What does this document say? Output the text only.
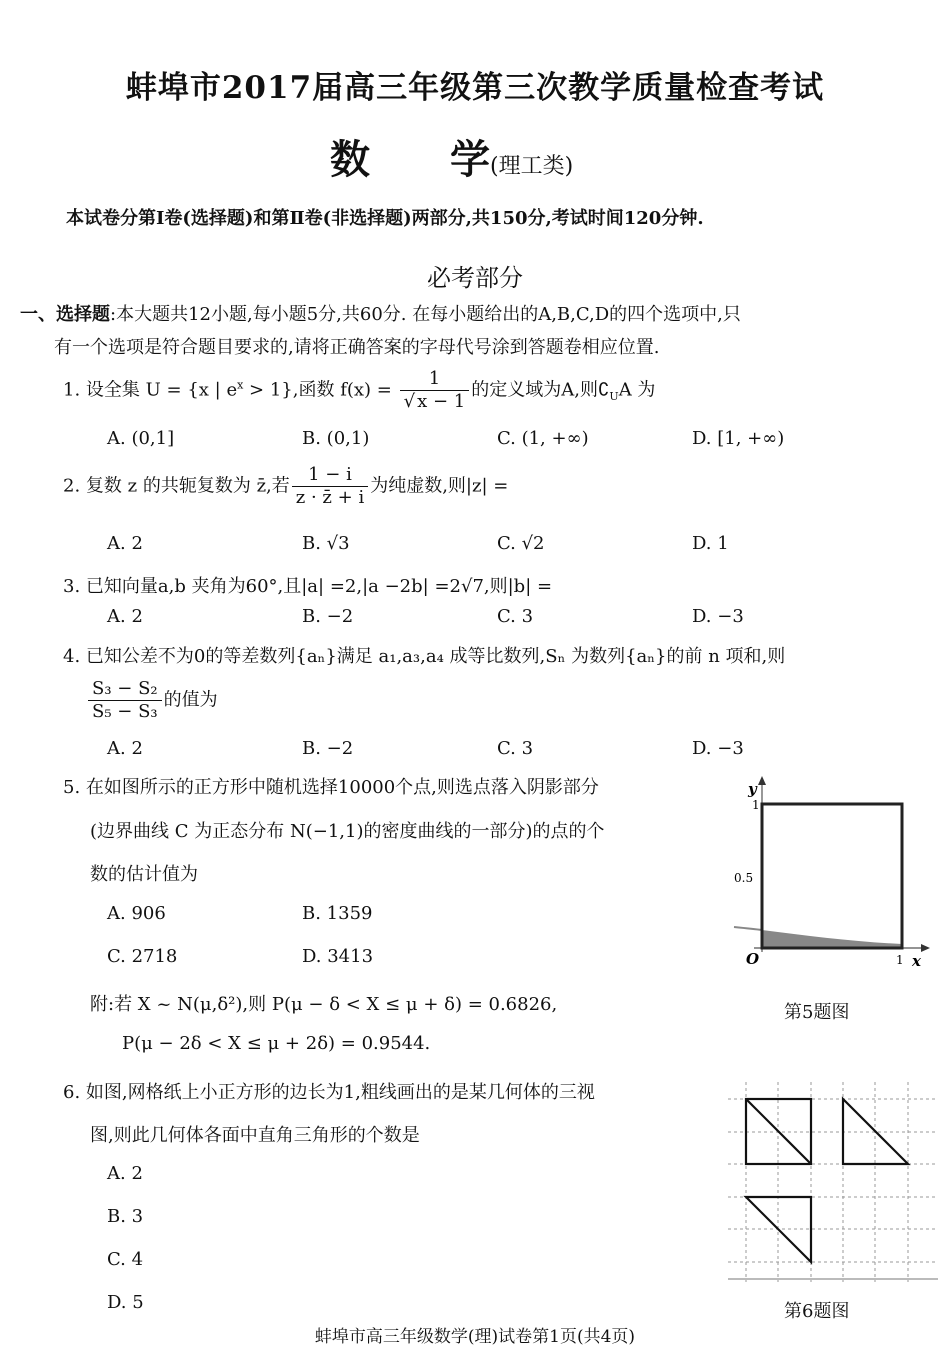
蚌埠市2017届高三年级第三次教学质量检查考试
数 学(理工类)
本试卷分第Ⅰ卷(选择题)和第Ⅱ卷(非选择题)两部分,共150分,考试时间120分钟.
必考部分
一、选择题:本大题共12小题,每小题5分,共60分. 在每小题给出的A,B,C,D的四个选项中,只
有一个选项是符合题目要求的,请将正确答案的字母代号涂到答题卷相应位置.
1. 设全集 U = {x | $e^x > 1$},函数 $f(x) = \frac{1}{√ x - 1}$ 的定义域为A,则$∁_UA$ 为
A. (0,1]	B. (0,1)	C. (1, +∞)	D. [1, +∞)
2. 复数 z 的共轭复数为 z̄,若 $\frac{1 - i}{z \cdot z̄ + i}$ 为纯虚数,则|z| =
A. 2	B. √3	C. √2	D. 1
3. 已知向量a,b 夹角为60°,且|a| =2,|a −2b| =2√7,则|b| =
A. 2	B. −2	C. 3	D. −3
4. 已知公差不为0的等差数列{aₙ}满足 a₁,a₃,a₄ 成等比数列,Sₙ 为数列{aₙ}的前 n 项和,则
$\frac{\text{S₃ − S₂}}{\text{S₅ − S₃}}$ 的值为
A. 2	B. −2	C. 3	D. −3
5. 在如图所示的正方形中随机选择10000个点,则选点落入阴影部分
(边界曲线 C 为正态分布 N(−1,1)的密度曲线的一部分)的点的个
数的估计值为
A. 906	B. 1359
C. 2718	D. 3413
附:若 X ~ N(μ,δ²),则 P(μ − δ < X ≤ μ + δ) = 0.6826,
P(μ − 2δ < X ≤ μ + 2δ) = 0.9544.
y
1
0.5
O	1 x
第5题图
6. 如图,网格纸上小正方形的边长为1,粗线画出的是某几何体的三视
图,则此几何体各面中直角三角形的个数是
A. 2
B. 3
C. 4
D. 5	第6题图
蚌埠市高三年级数学(理)试卷第1页(共4页)
